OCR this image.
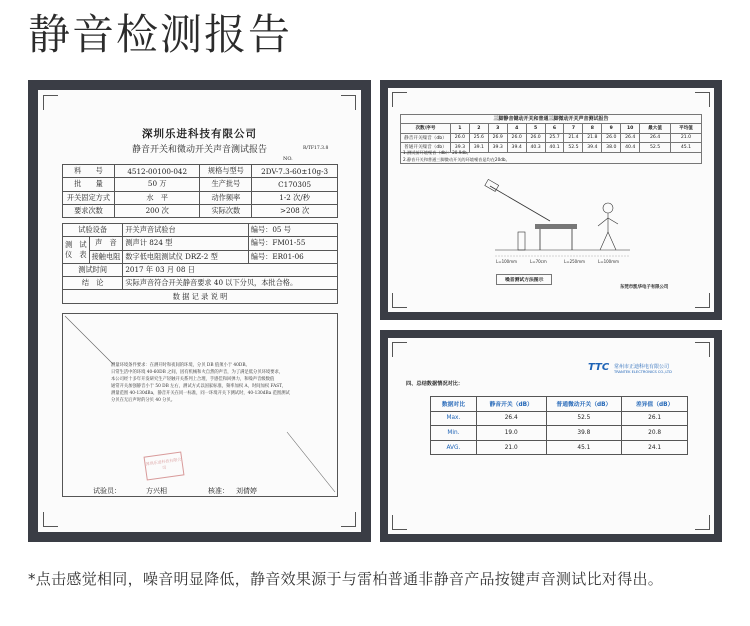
静音检测报告
深圳乐进科技有限公司
静音开关和微动开关声音测试报告	R/TF17.3.8
NO.
料　　号	4512-00100-042	规格与型号	2DV-7.3-60±10g-3
批　　量	50 万	生产批号	C170305
开关固定方式	水　平	动作频率	1-2 次/秒
要求次数	200 次	实际次数	>208 次
试验设备		开关声音试验台	编号：05 号

测　试
仪　表	声　音	测声计 824 型	编号：FM01-55
	接触电阻	数字低电阻测试仪 DRZ-2 型	编号：ER01-06
测试时间		2017 年 03 月 08 日	
结　论		实际声音符合开关静音要求 40 以下分贝，本批合格。	
数 据 记 录 说 明			
测量环境条件要求：在测开时和夜间的环境，分贝 DB 值须小于 40DB。
日常生活中的环境 40-60DB 之间，因有机械和火自然的声音，为了满足低分贝环境要求，
本公司经十多年开发研究生产轻触开关系列上合理，手感佳和回弹力，和噪声音级数值
通常开关加强静音小于 50 DB 左右，测试方式以国家标准，频率加权 A，时间加权 FAST，
测量范围 40-130dBa，静音开关在同一标准，同一环境开关下测试时，40-130dBa 范围测试
分贝在无后声时的分贝 40 分贝。
深圳乐进科技有限公司
试验员：	方兴相	核准： 刘倩婷
三脚静音键动开关和普通三脚微动开关声音测试报告
次数/序号	1	2	3	4	5	6	7	8	9	10	最大值	平均值
静音开关噪音（db）	26.0	25.6	26.9	26.0	26.0	25.7	21.4	21.8	26.0	26.4	26.4	21.0
普通开关噪音（db）	39.3	39.1	39.3	39.4	40.3	40.1	52.5	39.4	38.0	40.4	52.5	45.1
1.测试前环境噪音（db）：20.9db。
2.静音开关和普通三脚微动开关的环境噪音是均在20db。
L=100mm	L=70cm	L=250mm	L=100mm
噪音测试方法图示
东莞市凯华电子有限公司
TTC 常州市正迪科电有限公司
TRANTEK ELECTRONICS CO.,LTD
四、总结数据情况对比：
数据对比	静音开关（dB）	普通微动开关（dB）	差异值（dB）
Max.	26.4	52.5	26.1
Min.	19.0	39.8	20.8
AVG.	21.0	45.1	24.1
*点击感觉相同，噪音明显降低，静音效果源于与雷柏普通非静音产品按键声音测试比对得出。
